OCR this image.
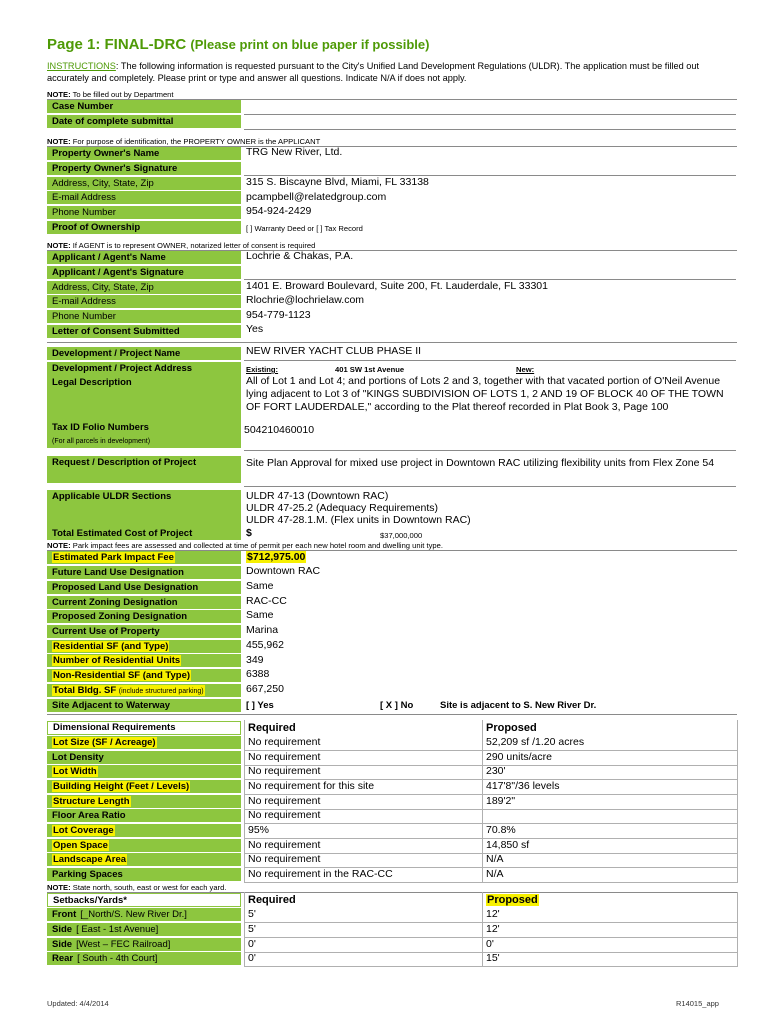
Page 1: FINAL-DRC (Please print on blue paper if possible)
INSTRUCTIONS: The following information is requested pursuant to the City's Unified Land Development Regulations (ULDR). The application must be filled out accurately and completely. Please print or type and answer all questions. Indicate N/A if does not apply.
NOTE: To be filled out by Department
Case Number
Date of complete submittal
NOTE: For purpose of identification, the PROPERTY OWNER is the APPLICANT
Property Owner's Name	TRG New River, Ltd.
Property Owner's Signature
Address, City, State, Zip	315 S. Biscayne Blvd, Miami, FL 33138
E-mail Address	pcampbell@relatedgroup.com
Phone Number	954-924-2429
Proof of Ownership	[ ] Warranty Deed or [ ] Tax Record
NOTE: If AGENT is to represent OWNER, notarized letter of consent is required
Applicant / Agent's Name	Lochrie & Chakas, P.A.
Applicant / Agent's Signature
Address, City, State, Zip	1401 E. Broward Boulevard, Suite 200, Ft. Lauderdale, FL 33301
E-mail Address	Rlochrie@lochrielaw.com
Phone Number	954-779-1123
Letter of Consent Submitted	Yes
Development / Project Name	NEW RIVER YACHT CLUB PHASE II
Development / Project Address
Legal Description
Existing:	401 SW 1st Avenue	New:
All of Lot 1 and Lot 4; and portions of Lots 2 and 3, together with that vacated portion of O'Neil Avenue lying adjacent to Lot 3 of "KINGS SUBDIVISION OF LOTS 1, 2 AND 19 OF BLOCK 40 OF THE TOWN OF FORT LAUDERDALE," according to the Plat thereof recorded in Plat Book 3, Page 100
Tax ID Folio Numbers
(For all parcels in development)
504210460010
Request / Description of Project	Site Plan Approval for mixed use project in Downtown RAC utilizing flexibility units from Flex Zone 54
Applicable ULDR Sections	ULDR 47-13 (Downtown RAC)
ULDR 47-25.2 (Adequacy Requirements)
ULDR 47-28.1.M. (Flex units in Downtown RAC)
Total Estimated Cost of Project	$	$37,000,000
NOTE: Park impact fees are assessed and collected at time of permit per each new hotel room and dwelling unit type.
Estimated Park Impact Fee	$712,975.00
Future Land Use Designation	Downtown RAC
Proposed Land Use Designation	Same
Current Zoning Designation	RAC-CC
Proposed Zoning Designation	Same
Current Use of Property	Marina
Residential SF (and Type)	455,962
Number of Residential Units	349
Non-Residential SF (and Type)	6388
Total Bldg. SF (include structured parking)	667,250
Site Adjacent to Waterway	[ ] Yes	[ X ] No	Site is adjacent to S. New River Dr.
Dimensional Requirements	Required	Proposed
Lot Size (SF / Acreage)	No requirement	52,209 sf /1.20 acres
Lot Density	No requirement	290 units/acre
Lot Width	No requirement	230'
Building Height (Feet / Levels)	No requirement for this site	417'8"/36 levels
Structure Length	No requirement	189'2"
Floor Area Ratio	No requirement
Lot Coverage	95%	70.8%
Open Space	No requirement	14,850 sf
Landscape Area	No requirement	N/A
Parking Spaces	No requirement in the RAC-CC	N/A
NOTE: State north, south, east or west for each yard.
Setbacks/Yards*	Required	Proposed
Front [_North/S. New River Dr.]	5'	12'
Side [ East - 1st Avenue]	5'	12'
Side [West – FEC Railroad]	0'	0'
Rear [ South - 4th Court]	0'	15'
Updated: 4/4/2014	R14015_app
